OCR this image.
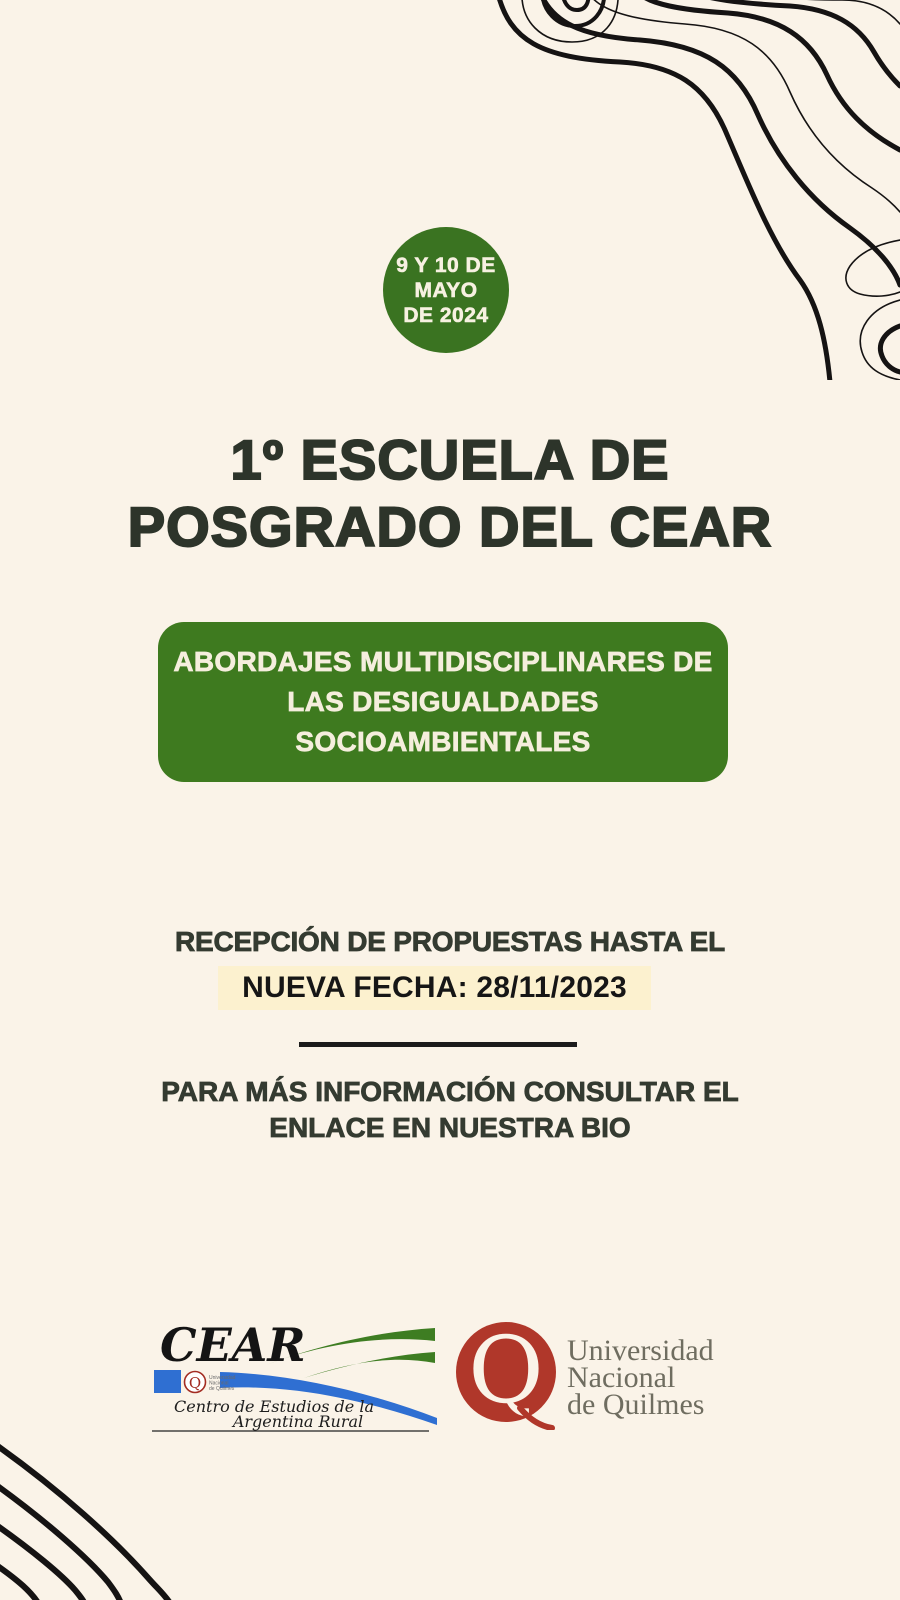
9 Y 10 DE
MAYO
DE 2024
1º ESCUELA DE
POSGRADO DEL CEAR
ABORDAJES MULTIDISCIPLINARES DE
LAS DESIGUALDADES
SOCIOAMBIENTALES
RECEPCIÓN DE PROPUESTAS HASTA EL
NUEVA FECHA: 28/11/2023
PARA MÁS INFORMACIÓN CONSULTAR EL
ENLACE EN NUESTRA BIO
Q Universidad
Nacional
de Quilmes
CEAR
Centro de Estudios de la
Argentina Rural Q Universidad
Nacional
de Quilmes
